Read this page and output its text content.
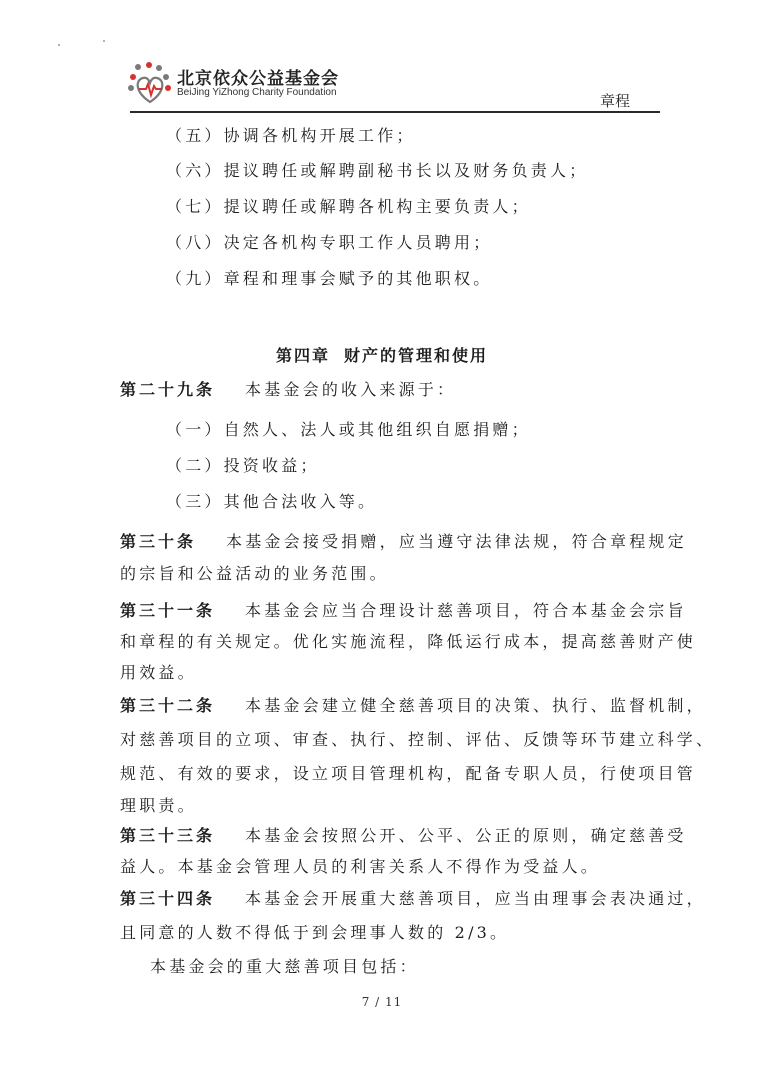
北京依众公益基金会
BeiJing YiZhong Charity Foundation	章程
（五）协调各机构开展工作；
（六）提议聘任或解聘副秘书长以及财务负责人；
（七）提议聘任或解聘各机构主要负责人；
（八）决定各机构专职工作人员聘用；
（九）章程和理事会赋予的其他职权。
第四章 财产的管理和使用
第二十九条 本基金会的收入来源于：
（一）自然人、法人或其他组织自愿捐赠；
（二）投资收益；
（三）其他合法收入等。
第三十条 本基金会接受捐赠，应当遵守法律法规，符合章程规定
的宗旨和公益活动的业务范围。
第三十一条 本基金会应当合理设计慈善项目，符合本基金会宗旨
和章程的有关规定。优化实施流程，降低运行成本，提高慈善财产使
用效益。
第三十二条 本基金会建立健全慈善项目的决策、执行、监督机制，
对慈善项目的立项、审查、执行、控制、评估、反馈等环节建立科学、
规范、有效的要求，设立项目管理机构，配备专职人员，行使项目管
理职责。
第三十三条 本基金会按照公开、公平、公正的原则，确定慈善受
益人。本基金会管理人员的利害关系人不得作为受益人。
第三十四条 本基金会开展重大慈善项目，应当由理事会表决通过，
且同意的人数不得低于到会理事人数的 2/3。
本基金会的重大慈善项目包括：
7 / 11
